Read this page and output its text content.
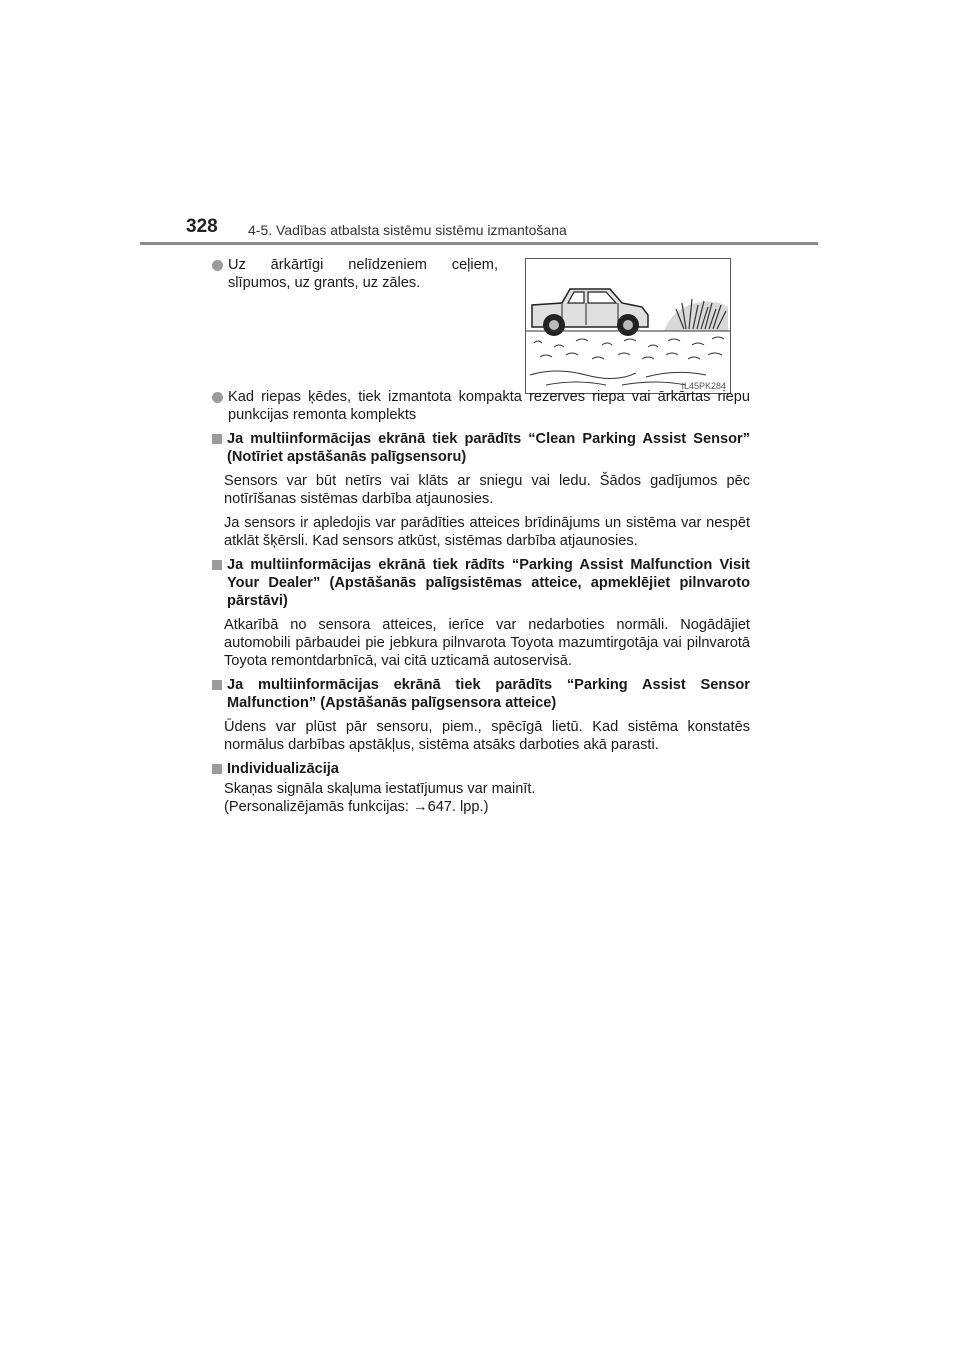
328 4-5. Vadības atbalsta sistēmu sistēmu izmantošana
IL45PK284
Uz ārkārtīgi nelīdzeniem ceļiem, slīpumos, uz grants, uz zāles.
Kad riepas ķēdes, tiek izmantota kompakta rezerves riepa vai ārkārtas riepu punkcijas remonta komplekts
Ja multiinformācijas ekrānā tiek parādīts “Clean Parking Assist Sensor” (Notīriet apstāšanās palīgsensoru)
Sensors var būt netīrs vai klāts ar sniegu vai ledu. Šādos gadījumos pēc notīrīšanas sistēmas darbība atjaunosies.
Ja sensors ir apledojis var parādīties atteices brīdinājums un sistēma var nespēt atklāt šķērsli. Kad sensors atkūst, sistēmas darbība atjaunosies.
Ja multiinformācijas ekrānā tiek rādīts “Parking Assist Malfunction Visit Your Dealer” (Apstāšanās palīgsistēmas atteice, apmeklējiet pilnvaroto pārstāvi)
Atkarībā no sensora atteices, ierīce var nedarboties normāli. Nogādājiet automobili pārbaudei pie jebkura pilnvarota Toyota mazumtirgotāja vai pilnvarotā Toyota remontdarbnīcā, vai citā uzticamā autoservisā.
Ja multiinformācijas ekrānā tiek parādīts “Parking Assist Sensor Malfunction” (Apstāšanās palīgsensora atteice)
Ūdens var plūst pār sensoru, piem., spēcīgā lietū. Kad sistēma konstatēs normālus darbības apstākļus, sistēma atsāks darboties akā parasti.
Individualizācija
Skaņas signāla skaļuma iestatījumus var mainīt.
(Personalizējamās funkcijas: →647. lpp.)
